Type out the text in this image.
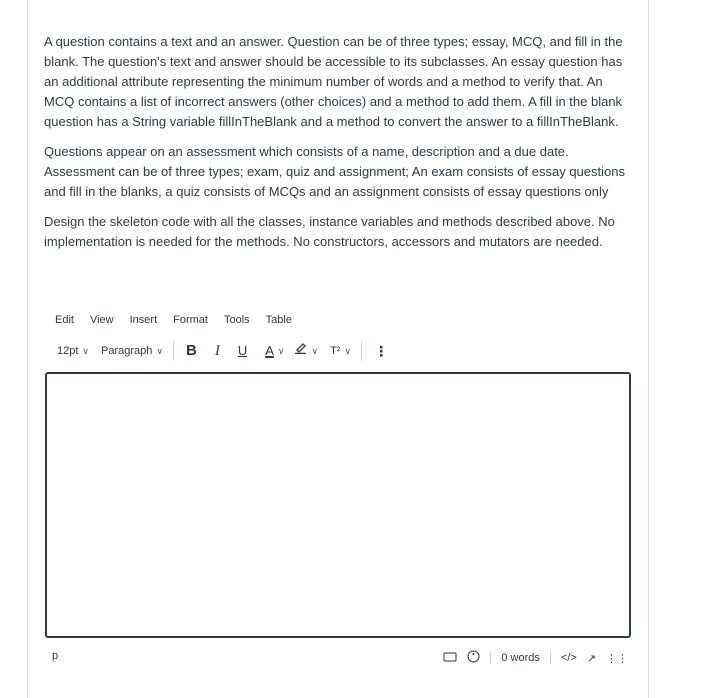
A question contains a text and an answer. Question can be of three types; essay, MCQ, and fill in the blank. The question's text and answer should be accessible to its subclasses. An essay question has an additional attribute representing the minimum number of words and a method to verify that. An MCQ contains a list of incorrect answers (other choices) and a method to add them. A fill in the blank question has a String variable fillInTheBlank and a method to convert the answer to a fillInTheBlank.

Questions appear on an assessment which consists of a name, description and a due date. Assessment can be of three types; exam, quiz and assignment; An exam consists of essay questions and fill in the blanks, a quiz consists of MCQs and an assignment consists of essay questions only

Design the skeleton code with all the classes, instance variables and methods described above. No implementation is needed for the methods. No constructors, accessors and mutators are needed.

Edit	View	Insert	Format	Tools	Table
12pt ∨ Paragraph ∨ B I U A ∨	∨ T² ∨ ⋮
p	0 words </> ↗ ⋮⋮
